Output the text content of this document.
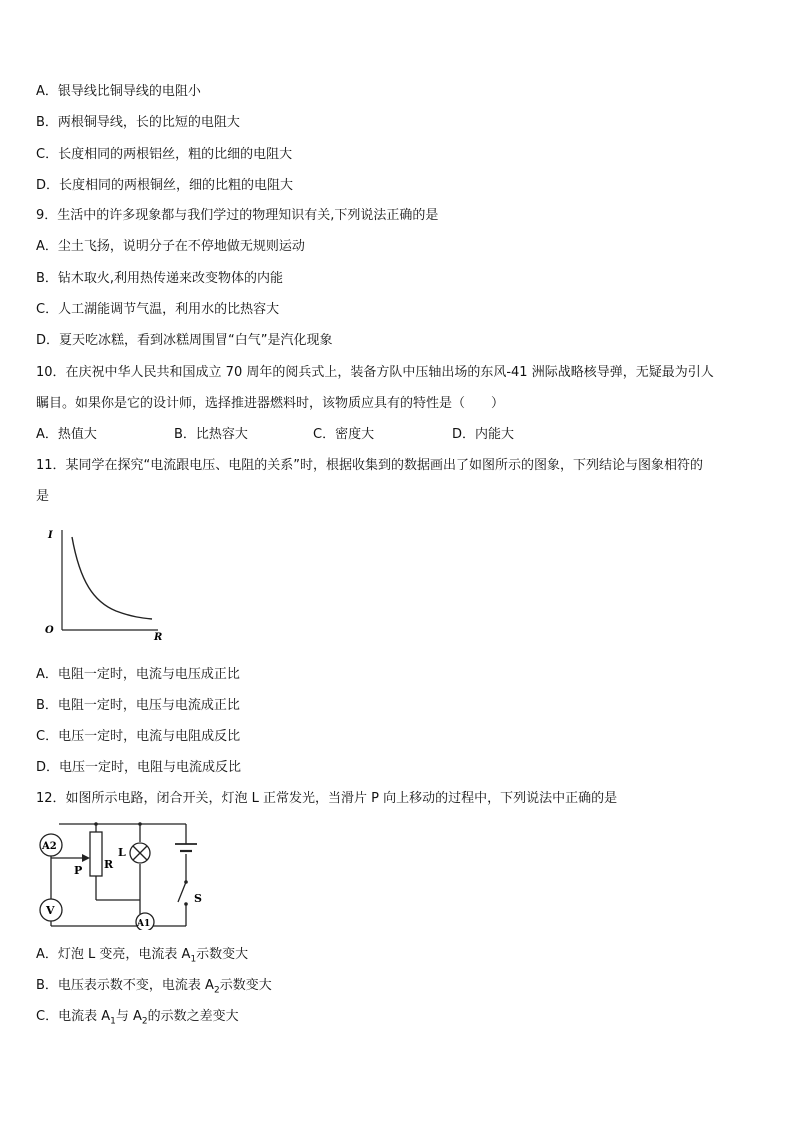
A．银导线比铜导线的电阻小
B．两根铜导线，长的比短的电阻大
C．长度相同的两根铝丝，粗的比细的电阻大
D．长度相同的两根铜丝，细的比粗的电阻大
9．生活中的许多现象都与我们学过的物理知识有关,下列说法正确的是
A．尘土飞扬，说明分子在不停地做无规则运动
B．钻木取火,利用热传递来改变物体的内能
C．人工湖能调节气温，利用水的比热容大
D．夏天吃冰糕，看到冰糕周围冒“白气”是汽化现象
10．在庆祝中华人民共和国成立 70 周年的阅兵式上，装备方队中压轴出场的东风-41 洲际战略核导弹，无疑最为引人
瞩目。如果你是它的设计师，选择推进器燃料时，该物质应具有的特性是（　　）
A．热值大	B．比热容大	C．密度大	D．内能大
11．某同学在探究“电流跟电压、电阻的关系”时，根据收集到的数据画出了如图所示的图象，下列结论与图象相符的
是
I
R
O
A．电阻一定时，电流与电压成正比
B．电阻一定时，电压与电流成正比
C．电压一定时，电流与电阻成反比
D．电压一定时，电阻与电流成反比
12．如图所示电路，闭合开关，灯泡 L 正常发光，当滑片 P 向上移动的过程中，下列说法中正确的是
A2
V
P R
L
A1
S
A．灯泡 L 变亮，电流表 $A_1$示数变大
B．电压表示数不变，电流表 $A_2$示数变大
C．电流表 $A_1$与 $A_2$的示数之差变大
